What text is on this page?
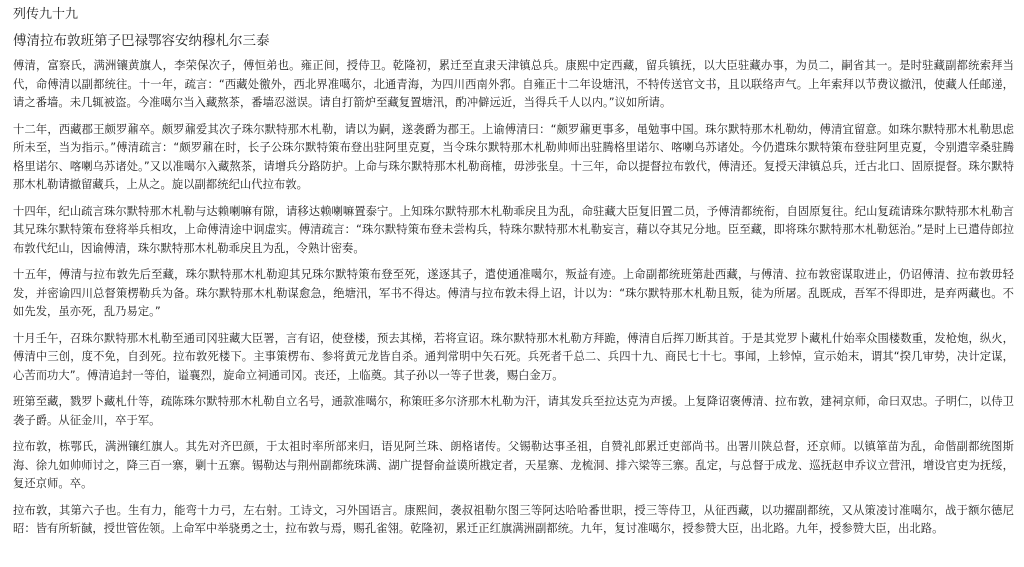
列传九十九
傅清拉布敦班第子巴禄鄂容安纳穆札尔三泰

傅清，富察氏，满洲镶黄旗人，李荣保次子，傅恒弟也。雍正间，授侍卫。乾隆初，累迁至直隶天津镇总兵。康熙中定西藏，留兵镇抚，以大臣驻藏办事，为员二，嗣省其一。是时驻藏副都统索拜当代，命傅清以副都统往。十一年，疏言：“西藏处徼外，西北界准噶尔，北通青海，为四川西南外郛。自雍正十二年设塘汛，不特传送官文书，且以联络声气。上年索拜以节费议撤汛，使藏人任邮递，请之番墙。未几辄被盗。今准噶尔当入藏熬茶，番墙忍滋误。请自打箭炉至藏复置塘汛，酌冲僻远近，当得兵千人以内。”议如所请。

十二年，西藏郡王颇罗鼐卒。颇罗鼐爱其次子珠尔默特那木札勒，请以为嗣，遂袭爵为郡王。上谕傅清曰：“颇罗鼐更事多，黾勉事中国。珠尔默特那木札勒幼，傅清宜留意。如珠尔默特那木札勒思虑所未至，当为指示。”傅清疏言：“颇罗鼐在时，长子公珠尔默特策布登出驻阿里克夏，当令珠尔默特那木札勒帅师出驻腾格里诺尔、喀喇乌苏诸处。今仍遣珠尔默特策布登驻阿里克夏，令别遣宰桑驻腾格里诺尔、喀喇乌苏诸处。”又以准噶尔入藏熬茶，请增兵分路防护。上命与珠尔默特那木札勒商榷，毋涉张皇。十三年，命以提督拉布敦代，傅清还。复授天津镇总兵，迁古北口、固原提督。珠尔默特那木札勒请撤留藏兵，上从之。旋以副都统纪山代拉布敦。

十四年，纪山疏言珠尔默特那木札勒与达赖喇嘛有隙，请移达赖喇嘛置泰宁。上知珠尔默特那木札勒乖戾且为乱，命驻藏大臣复旧置二员，予傅清都统衔，自固原复往。纪山复疏请珠尔默特那木札勒言其兄珠尔默特策布登将举兵相攻，上命傅清途中诇虚实。傅清疏言：“珠尔默特策布登未尝构兵，特珠尔默特那木札勒妄言，藉以夺其兄分地。臣至藏，即将珠尔默特那木札勒惩治。”是时上已遣侍郎拉布敦代纪山，因谕傅清，珠尔默特那木札勒乖戾且为乱，令熟计密奏。

十五年，傅清与拉布敦先后至藏，珠尔默特那木札勒迎其兄珠尔默特策布登至死，遂逐其子，遣使通准噶尔，叛益有迹。上命副都统班第赴西藏，与傅清、拉布敦密谋取进止，仍诏傅清、拉布敦毋轻发，并密谕四川总督策楞勒兵为备。珠尔默特那木札勒谋愈急，绝塘汛，军书不得达。傅清与拉布敦未得上诏，计以为：“珠尔默特那木札勒且叛，徒为所屠。乱既成，吾军不得即进，是弃两藏也。不如先发，虽亦死，乱乃易定。”

十月壬午，召珠尔默特那木札勒至通司冈驻藏大臣署，言有诏，使登楼，预去其梯，若将宣诏。珠尔默特那木札勒方拜跪，傅清自后挥刀断其首。于是其党罗卜藏札什始率众围楼数重，发枪炮，纵火，傅清中三创，度不免，自刭死。拉布敦死楼下。主事策楞布、参将黄元龙皆自杀。通判常明中矢石死。兵死者千总二、兵四十九、商民七十七。事闻，上轸悼，宣示始末，谓其“揆几审势，决计定谋，心苦而功大”。傅清追封一等伯，谥襄烈，旋命立祠通司冈。丧还，上临奠。其子孙以一等子世袭，赐白金万。

班第至藏，戮罗卜藏札什等，疏陈珠尔默特那木札勒自立名号，通款准噶尔，称策旺多尔济那木札勒为汗，请其发兵至拉达克为声援。上复降诏褒傅清、拉布敦，建祠京师，命曰双忠。子明仁，以侍卫袭子爵。从征金川，卒于军。

拉布敦，栋鄂氏，满洲镶红旗人。其先对齐巴颜，于太祖时率所部来归，语见阿兰珠、朗格诸传。父锡勒达事圣祖，自赞礼郎累迁吏部尚书。出署川陕总督，还京师。以镇箪苗为乱，命偕副都统图斯海、徐九如帅师讨之，降三百一寨，剿十五寨。锡勒达与荆州副都统珠满、湖广提督俞益谟所戡定者，天星寨、龙梳洞、排六梁等三寨。乱定，与总督于成龙、巡抚赵申乔议立营汛，增设官吏为抚绥，复还京师。卒。

拉布敦，其第六子也。生有力，能弯十力弓，左右射。工诗文，习外国语言。康熙间，袭叔祖勒尔图三等阿达哈哈番世职，授三等侍卫，从征西藏，以功擢副都统，又从策凌讨准噶尔，战于额尔德尼昭：皆有所斩馘，授世管佐领。上命军中举骁勇之士，拉布敦与焉，赐孔雀翎。乾隆初，累迁正红旗满洲副都统。九年，复讨准噶尔，授参赞大臣，出北路。九年，授参赞大臣，出北路。
